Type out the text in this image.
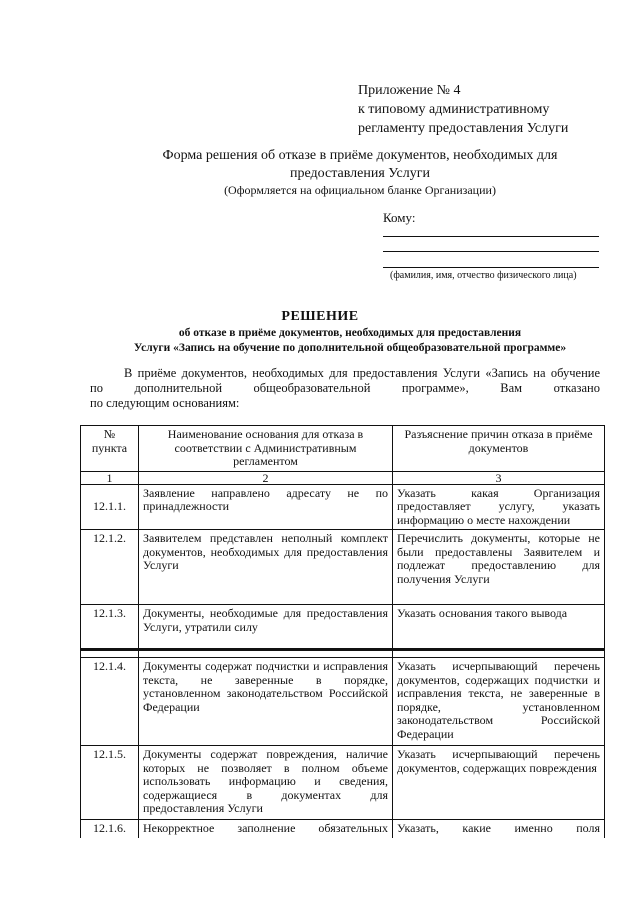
Приложение № 4
к типовому административному
регламенту предоставления Услуги
Форма решения об отказе в приёме документов, необходимых для
предоставления Услуги
(Оформляется на официальном бланке Организации)
Кому:
(фамилия, имя, отчество физического лица)
РЕШЕНИЕ
об отказе в приёме документов, необходимых для предоставления
Услуги «Запись на обучение по дополнительной общеобразовательной программе»
В приёме документов, необходимых для предоставления Услуги «Запись на обучение
по дополнительной общеобразовательной программе», Вам отказано
по следующим основаниям:
№ пункта	Наименование основания для отказа в соответствии с Административным регламентом	Разъяснение причин отказа в приёме документов
1	2	3
12.1.1.	Заявление направлено адресату не по принадлежности	Указать какая Организация предоставляет услугу, указать информацию о месте нахождении
12.1.2.	Заявителем представлен неполный комплект документов, необходимых для предоставления Услуги	Перечислить документы, которые не были предоставлены Заявителем и подлежат предоставлению для получения Услуги
12.1.3.	Документы, необходимые для предоставления Услуги, утратили силу	Указать основания такого вывода

12.1.4.	Документы содержат подчистки и исправления текста, не заверенные в порядке, установленном законодательством Российской Федерации	Указать исчерпывающий перечень документов, содержащих подчистки и исправления текста, не заверенные в порядке, установленном законодательством Российской Федерации
12.1.5.	Документы содержат повреждения, наличие которых не позволяет в полном объеме использовать информацию и сведения, содержащиеся в документах для предоставления Услуги	Указать исчерпывающий перечень документов, содержащих повреждения
12.1.6.	Некорректное заполнение обязательных	Указать, какие именно поля
